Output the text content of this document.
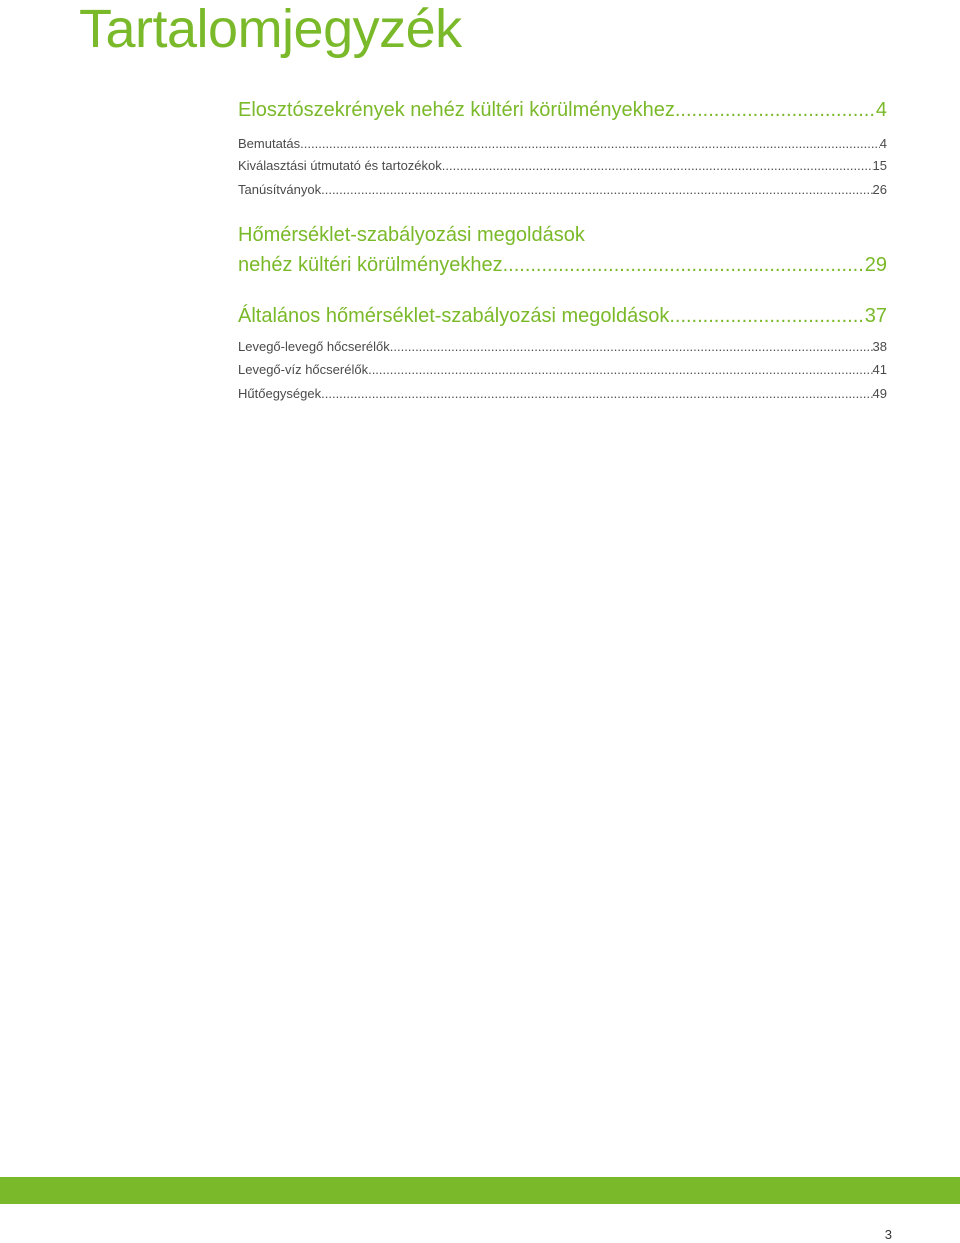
Tartalomjegyzék
Elosztószekrények nehéz kültéri körülményekhez .....	4
Bemutatás .....	4
Kiválasztási útmutató és tartozékok .....	15
Tanúsítványok .....	26
Hőmérséklet-szabályozási megoldások
nehéz kültéri körülményekhez .....	29
Általános hőmérséklet-szabályozási megoldások .....	37
Levegő-levegő hőcserélők .....	38
Levegő-víz hőcserélők .....	41
Hűtőegységek .....	49
3
